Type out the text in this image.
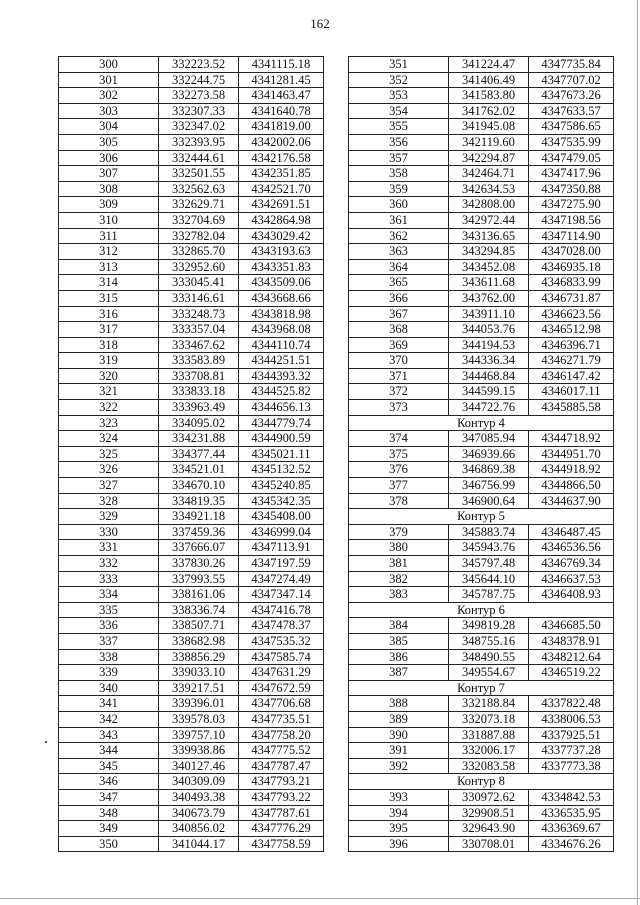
162
300	332223.52	4341115.18
301	332244.75	4341281.45
302	332273.58	4341463.47
303	332307.33	4341640.78
304	332347.02	4341819.00
305	332393.95	4342002.06
306	332444.61	4342176.58
307	332501.55	4342351.85
308	332562.63	4342521.70
309	332629.71	4342691.51
310	332704.69	4342864.98
311	332782.04	4343029.42
312	332865.70	4343193.63
313	332952.60	4343351.83
314	333045.41	4343509.06
315	333146.61	4343668.66
316	333248.73	4343818.98
317	333357.04	4343968.08
318	333467.62	4344110.74
319	333583.89	4344251.51
320	333708.81	4344393.32
321	333833.18	4344525.82
322	333963.49	4344656.13
323	334095.02	4344779.74
324	334231.88	4344900.59
325	334377.44	4345021.11
326	334521.01	4345132.52
327	334670.10	4345240.85
328	334819.35	4345342.35
329	334921.18	4345408.00
330	337459.36	4346999.04
331	337666.07	4347113.91
332	337830.26	4347197.59
333	337993.55	4347274.49
334	338161.06	4347347.14
335	338336.74	4347416.78
336	338507.71	4347478.37
337	338682.98	4347535.32
338	338856.29	4347585.74
339	339033.10	4347631.29
340	339217.51	4347672.59
341	339396.01	4347706.68
342	339578.03	4347735.51
343	339757.10	4347758.20
344	339938.86	4347775.52
345	340127.46	4347787.47
346	340309.09	4347793.21
347	340493.38	4347793.22
348	340673.79	4347787.61
349	340856.02	4347776.29
350	341044.17	4347758.59
351	341224.47	4347735.84
352	341406.49	4347707.02
353	341583.80	4347673.26
354	341762.02	4347633.57
355	341945.08	4347586.65
356	342119.60	4347535.99
357	342294.87	4347479.05
358	342464.71	4347417.96
359	342634.53	4347350.88
360	342808.00	4347275.90
361	342972.44	4347198.56
362	343136.65	4347114.90
363	343294.85	4347028.00
364	343452.08	4346935.18
365	343611.68	4346833.99
366	343762.00	4346731.87
367	343911.10	4346623.56
368	344053.76	4346512.98
369	344194.53	4346396.71
370	344336.34	4346271.79
371	344468.84	4346147.42
372	344599.15	4346017.11
373	344722.76	4345885.58
Контур 4		
374	347085.94	4344718.92
375	346939.66	4344951.70
376	346869.38	4344918.92
377	346756.99	4344866.50
378	346900.64	4344637.90
Контур 5		
379	345883.74	4346487.45
380	345943.76	4346536.56
381	345797.48	4346769.34
382	345644.10	4346637.53
383	345787.75	4346408.93
Контур 6		
384	349819.28	4346685.50
385	348755.16	4348378.91
386	348490.55	4348212.64
387	349554.67	4346519.22
Контур 7		
388	332188.84	4337822.48
389	332073.18	4338006.53
390	331887.88	4337925.51
391	332006.17	4337737.28
392	332083.58	4337773.38
Контур 8		
393	330972.62	4334842.53
394	329908.51	4336535.95
395	329643.90	4336369.67
396	330708.01	4334676.26
